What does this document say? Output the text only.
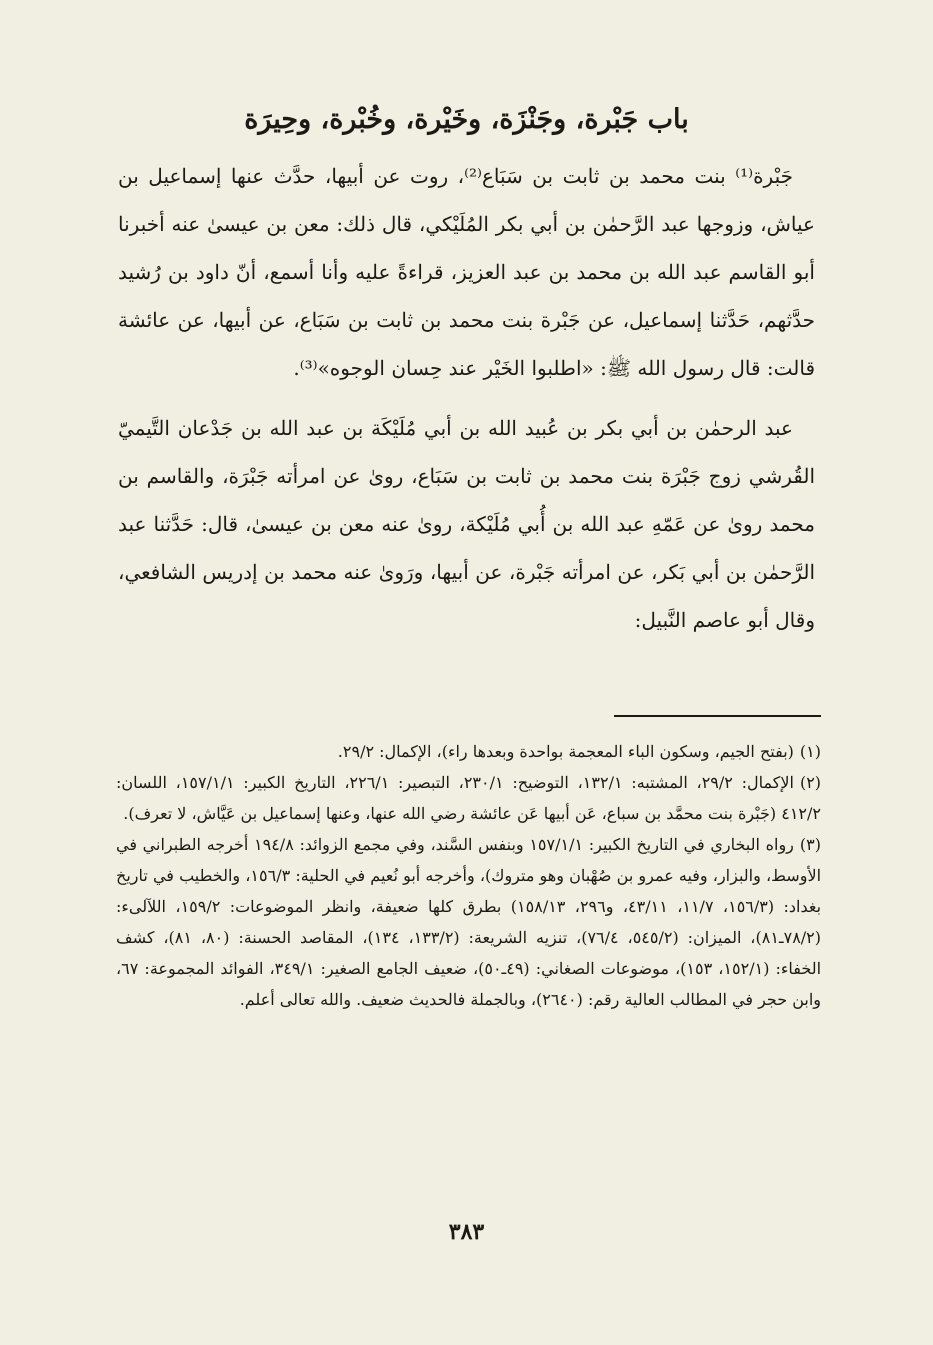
باب جَبْرة، وجَنْزَة، وخَيْرة، وخُبْرة، وحِيرَة

جَبْرة⁽¹⁾ بنت محمد بن ثابت بن سَبَاع⁽²⁾، روت عن أبيها، حدَّث عنها إسماعيل بن عياش، وزوجها عبد الرَّحمٰن بن أبي بكر المُلَيْكي، قال ذلك: معن بن عيسىٰ عنه أخبرنا أبو القاسم عبد الله بن محمد بن عبد العزيز، قراءةً عليه وأنا أسمع، أنّ داود بن رُشيد حدَّثهم، حَدَّثنا إسماعيل، عن جَبْرة بنت محمد بن ثابت بن سَبَاع، عن أبيها، عن عائشة قالت: قال رسول الله ﷺ: «اطلبوا الخَيْر عند حِسان الوجوه»⁽³⁾.

عبد الرحمٰن بن أبي بكر بن عُبيد الله بن أبي مُلَيْكَة بن عبد الله بن جَدْعان التَّيميّ القُرشي زوج جَبْرَة بنت محمد بن ثابت بن سَبَاع، روىٰ عن امرأته جَبْرَة، والقاسم بن محمد روىٰ عن عَمّهِ عبد الله بن أُبي مُلَيْكة، روىٰ عنه معن بن عيسىٰ، قال: حَدَّثنا عبد الرَّحمٰن بن أبي بَكر، عن امرأته جَبْرة، عن أبيها، ورَوىٰ عنه محمد بن إدريس الشافعي، وقال أبو عاصم النَّبيل:

(١)(بفتح الجيم، وسكون الباء المعجمة بواحدة وبعدها راء)، الإكمال: ٢٩/٢.

(٢)الإكمال: ٢٩/٢، المشتبه: ١٣٢/١، التوضيح: ٢٣٠/١، التبصير: ٢٢٦/١، التاريخ الكبير: ١٥٧/١/١، اللسان: ٤١٢/٢ (جَبْرة بنت محمَّد بن سباع، عَن أبيها عَن عائشة رضي الله عنها، وعنها إسماعيل بن عَيَّاش، لا تعرف).

(٣)رواه البخاري في التاريخ الكبير: ١٥٧/١/١ وبنفس السَّند، وفي مجمع الزوائد: ١٩٤/٨ أخرجه الطبراني في الأوسط، والبزار، وفيه عمرو بن صُهْبان وهو متروك)، وأخرجه أبو نُعيم في الحلية: ١٥٦/٣، والخطيب في تاريخ بغداد: (١٥٦/٣، ١١/٧، ٤٣/١١، و٢٩٦، ١٥٨/١٣) بطرق كلها ضعيفة، وانظر الموضوعات: ١٥٩/٢، اللآلىء: (٧٨/٢ـ٨١)، الميزان: (٥٤٥/٢، ٧٦/٤)، تنزيه الشريعة: (١٣٣/٢، ١٣٤)، المقاصد الحسنة: (٨٠، ٨١)، كشف الخفاء: (١٥٢/١، ١٥٣)، موضوعات الصغاني: (٤٩ـ٥٠)، ضعيف الجامع الصغير: ٣٤٩/١، الفوائد المجموعة: ٦٧، وابن حجر في المطالب العالية رقم: (٢٦٤٠)، وبالجملة فالحديث ضعيف. والله تعالى أعلم.

٣٨٣
